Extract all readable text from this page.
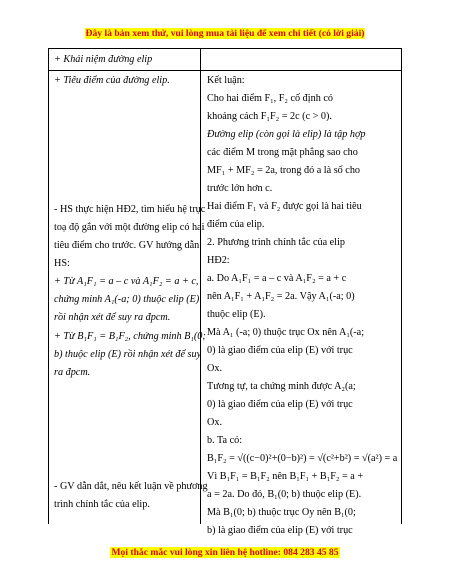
Đây là bản xem thử, vui lòng mua tài liệu để xem chi tiết (có lời giải)
+ Khái niệm đường elip
+ Tiêu điểm của đường elip.
- HS thực hiện HĐ2, tìm hiểu hệ trục
toạ độ gắn với một đường elip có hai
tiêu điểm cho trước. GV hướng dẫn
HS:
+ Từ A₁F₁ = a – c và A₁F₂ = a + c,
chứng minh A₁(-a; 0) thuộc elip (E)
rồi nhận xét để suy ra đpcm.
+ Từ B₁F₁ = B₁F₂, chứng minh B₁(0;
b) thuộc elip (E) rồi nhận xét để suy
ra đpcm.
- GV dẫn dắt, nêu kết luận về phương
trình chính tắc của elip.
Kết luận:
Cho hai điểm F₁, F₂ cố định có
khoảng cách F₁F₂ = 2c (c > 0).
Đường elip (còn gọi là elip) là tập hợp
các điểm M trong mặt phẳng sao cho
MF₁ + MF₂ = 2a, trong đó a là số cho
trước lớn hơn c.
Hai điểm F₁ và F₂ được gọi là hai tiêu
điểm của elip.
2. Phương trình chính tắc của elip
HĐ2:
a. Do A₁F₁ = a – c và A₁F₂ = a + c
nên A₁F₁ + A₁F₂ = 2a. Vậy A₁(-a; 0)
thuộc elip (E).
Mà A₁ (-a; 0) thuộc trục Ox nên A₁(-a;
0) là giao điểm của elip (E) với trục
Ox.
Tương tự, ta chứng minh được A₂(a;
0) là giao điểm của elip (E) với trục
Ox.
b. Ta có:
B₁F₂ = √((c−0)²+(0−b)²) = √(c²+b²) = √(a²) = a
Vì B₁F₁ = B₁F₂ nên B₁F₁ + B₁F₂ = a +
a = 2a. Do đó, B₁(0; b) thuộc elip (E).
Mà B₁(0; b) thuộc trục Oy nên B₁(0;
b) là giao điểm của elip (E) với trục
Mọi thắc mắc vui lòng xin liên hệ hotline: 084 283 45 85
